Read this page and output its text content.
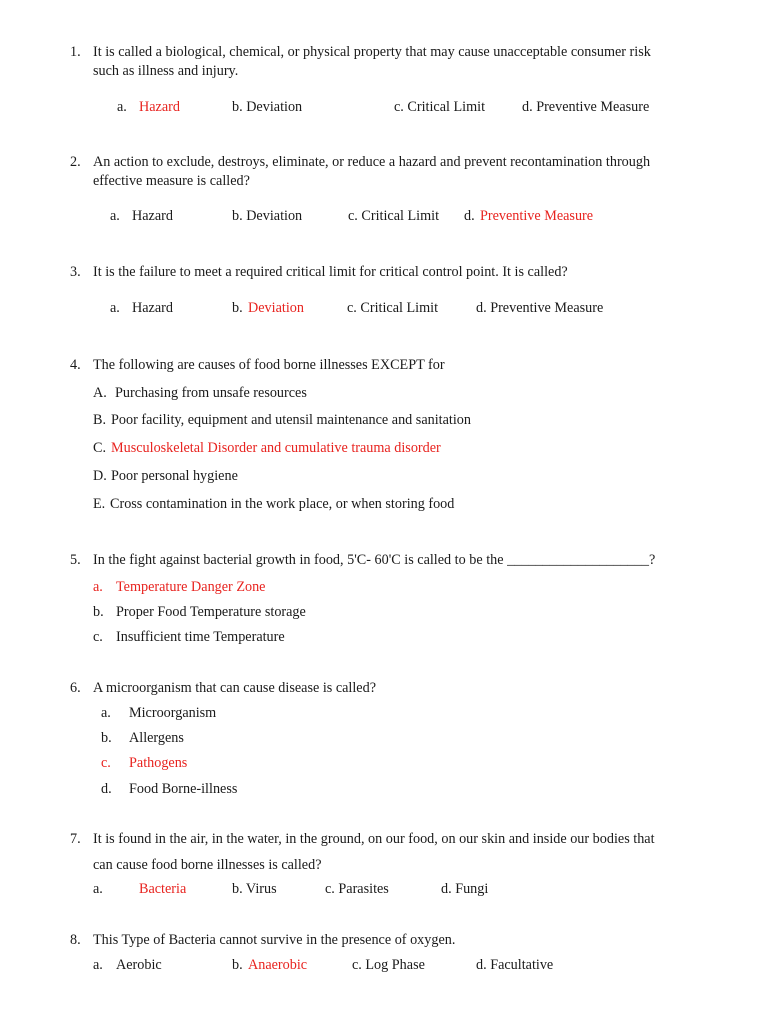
1. It is called a biological, chemical, or physical property that may cause unacceptable consumer risk
such as illness and injury.
a. Hazard	b. Deviation	c. Critical Limit	d. Preventive Measure
2. An action to exclude, destroys, eliminate, or reduce a hazard and prevent recontamination through
effective measure is called?
a. Hazard	b. Deviation	c. Critical Limit d. Preventive Measure
3. It is the failure to meet a required critical limit for critical control point. It is called?
a. Hazard	b. Deviation	c. Critical Limit	d. Preventive Measure
4. The following are causes of food borne illnesses EXCEPT for
A. Purchasing from unsafe resources
B. Poor facility, equipment and utensil maintenance and sanitation
C. Musculoskeletal Disorder and cumulative trauma disorder
D. Poor personal hygiene
E. Cross contamination in the work place, or when storing food
5. In the fight against bacterial growth in food, 5'C- 60'C is called to be the ____________________?
a. Temperature Danger Zone
b. Proper Food Temperature storage
c. Insufficient time Temperature
6. A microorganism that can cause disease is called?
a. Microorganism
b. Allergens
c. Pathogens
d. Food Borne-illness
7. It is found in the air, in the water, in the ground, on our food, on our skin and inside our bodies that
can cause food borne illnesses is called?
a.	Bacteria	b. Virus	c. Parasites	d. Fungi
8. This Type of Bacteria cannot survive in the presence of oxygen.
a. Aerobic	b. Anaerobic	c. Log Phase	d. Facultative
